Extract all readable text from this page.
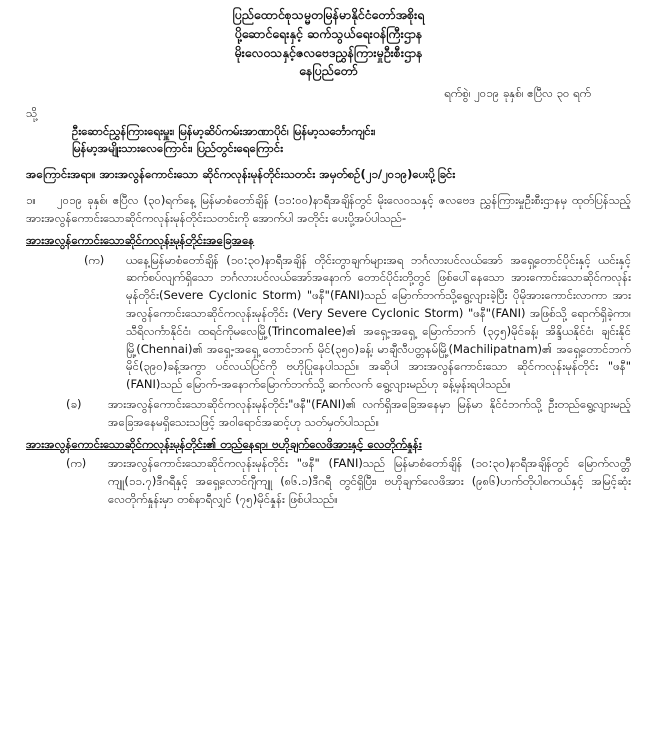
ပြည်ထောင်စုသမ္မတမြန်မာနိုင်ငံတော်အစိုးရ
ပို့ဆောင်ရေးနှင့် ဆက်သွယ်ရေးဝန်ကြီးဌာန
မိုးလေဝသနှင့်ဇလဗေဒညွှန်ကြားမှုဦးစီးဌာန
နေပြည်တော်
ရက်စွဲ၊ ၂၀၁၉ ခုနှစ်၊ ဧပြီလ ၃၀ ရက်
သို့
ဦးဆောင်ညွှန်ကြားရေးမှူး၊ မြန်မာ့ဆိပ်ကမ်းအာဏာပိုင်၊ မြန်မာ့သင်္ဘောကျင်း၊
မြန်မာ့အမျိုးသားလေကြောင်း၊ ပြည်တွင်းရေကြောင်း
အကြောင်းအရာ။ အားအလွန်ကောင်းသော ဆိုင်ကလုန်းမုန်တိုင်းသတင်း အမှတ်စဉ်(၂၁/၂၀၁၉)ပေးပို့ခြင်း
၁။ ၂၀၁၉ ခုနှစ်၊ ဧပြီလ (၃၀)ရက်နေ့ မြန်မာစံတော်ချိန် (၁၁:၀၀)နာရီအချိန်တွင် မိုးလေဝသနှင့် ဇလဗေဒ ညွှန်ကြားမှုဦးစီးဌာနမှ ထုတ်ပြန်သည့် အားအလွန်ကောင်းသောဆိုင်ကလုန်းမုန်တိုင်းသတင်းကို အောက်ပါ အတိုင်း ပေးပို့အပ်ပါသည်-
အားအလွန်ကောင်းသောဆိုင်ကလုန်းမုန်တိုင်းအခြေအနေ
(က)	ယနေ့မြန်မာစံတော်ချိန် (၁၀:၃၀)နာရီအချိန် တိုင်းတွာချက်များအရ ဘင်္ဂလားပင်လယ်အော် အရှေ့တောင်ပိုင်းနှင့် ယင်းနှင့်ဆက်စပ်လျက်ရှိသော ဘင်္ဂလားပင်လယ်အော်အနောက် တောင်ပိုင်းတို့တွင် ဖြစ်ပေါ်နေသော အားကောင်းသောဆိုင်ကလုန်းမုန်တိုင်း(Severe Cyclonic Storm) "ဖနီ"(FANI)သည် မြောက်ဘက်သို့ရွေ့လျားခဲ့ပြီး ပိုမိုအားကောင်းလာကာ အား အလွန်ကောင်းသောဆိုင်ကလုန်းမုန်တိုင်း (Very Severe Cyclonic Storm) "ဖနီ"(FANI) အဖြစ်သို့ ရောက်ရှိခဲ့ကာ၊ သီရိလင်္ကာနိုင်ငံ၊ ထရင်ကိုမလေမြို့(Trincomalee)၏ အရှေ့-အရှေ့ မြောက်ဘက် (၃၄၅)မိုင်ခန့်၊ အိန္ဒိယနိုင်ငံ၊ ချင်းနိုင်မြို့(Chennai)၏ အရှေ့-အရှေ့ တောင်ဘက် မိုင်(၃၅၀)ခန့်၊ မာချီလီပတ္တနမ်မြို့(Machilipatnam)၏ အရှေ့တောင်ဘက် မိုင်(၃၉၀)ခန့်အကွာ ပင်လယ်ပြင်ကို ဗဟိုပြုနေပါသည်။ အဆိုပါ အားအလွန်ကောင်းသော ဆိုင်ကလုန်းမုန်တိုင်း "ဖနီ"(FANI)သည် မြောက်-အနောက်မြောက်ဘက်သို့ ဆက်လက် ရွေ့လျားမည်ဟု ခန့်မှန်းရပါသည်။
(ခ)	အားအလွန်ကောင်းသောဆိုင်ကလုန်းမုန်တိုင်း"ဖနီ"(FANI)၏ လက်ရှိအခြေအနေမှာ မြန်မာ နိုင်ငံဘက်သို့ ဦးတည်ရွေ့လျားမည့် အခြေအနေမရှိသေးသဖြင့် အဝါရောင်အဆင့်ဟု သတ်မှတ်ပါသည်။
အားအလွန်ကောင်းသောဆိုင်ကလုန်းမုန်တိုင်း၏ တည်နေရာ၊ ဗဟိုချက်လေဖိအားနှင့် လေတိုက်နှုန်း
(က)	အားအလွန်ကောင်းသောဆိုင်ကလုန်းမုန်တိုင်း "ဖနီ" (FANI)သည် မြန်မာစံတော်ချိန် (၁၀:၃၀)နာရီအချိန်တွင် မြောက်လတ္တီကျူ(၁၁.၇)ဒီဂရီနှင့် အရှေ့လောင်ဂျီကျူ (၈၆.၁)ဒီဂရီ တွင်ရှိပြီး၊ ဗဟိုချက်လေဖိအား (၉၈၆)ဟက်တိုပါစကယ်နှင့် အမြင့်ဆုံးလေတိုက်နှုန်းမှာ တစ်နာရီလျှင် (၇၅)မိုင်နှုန်း ဖြစ်ပါသည်။
